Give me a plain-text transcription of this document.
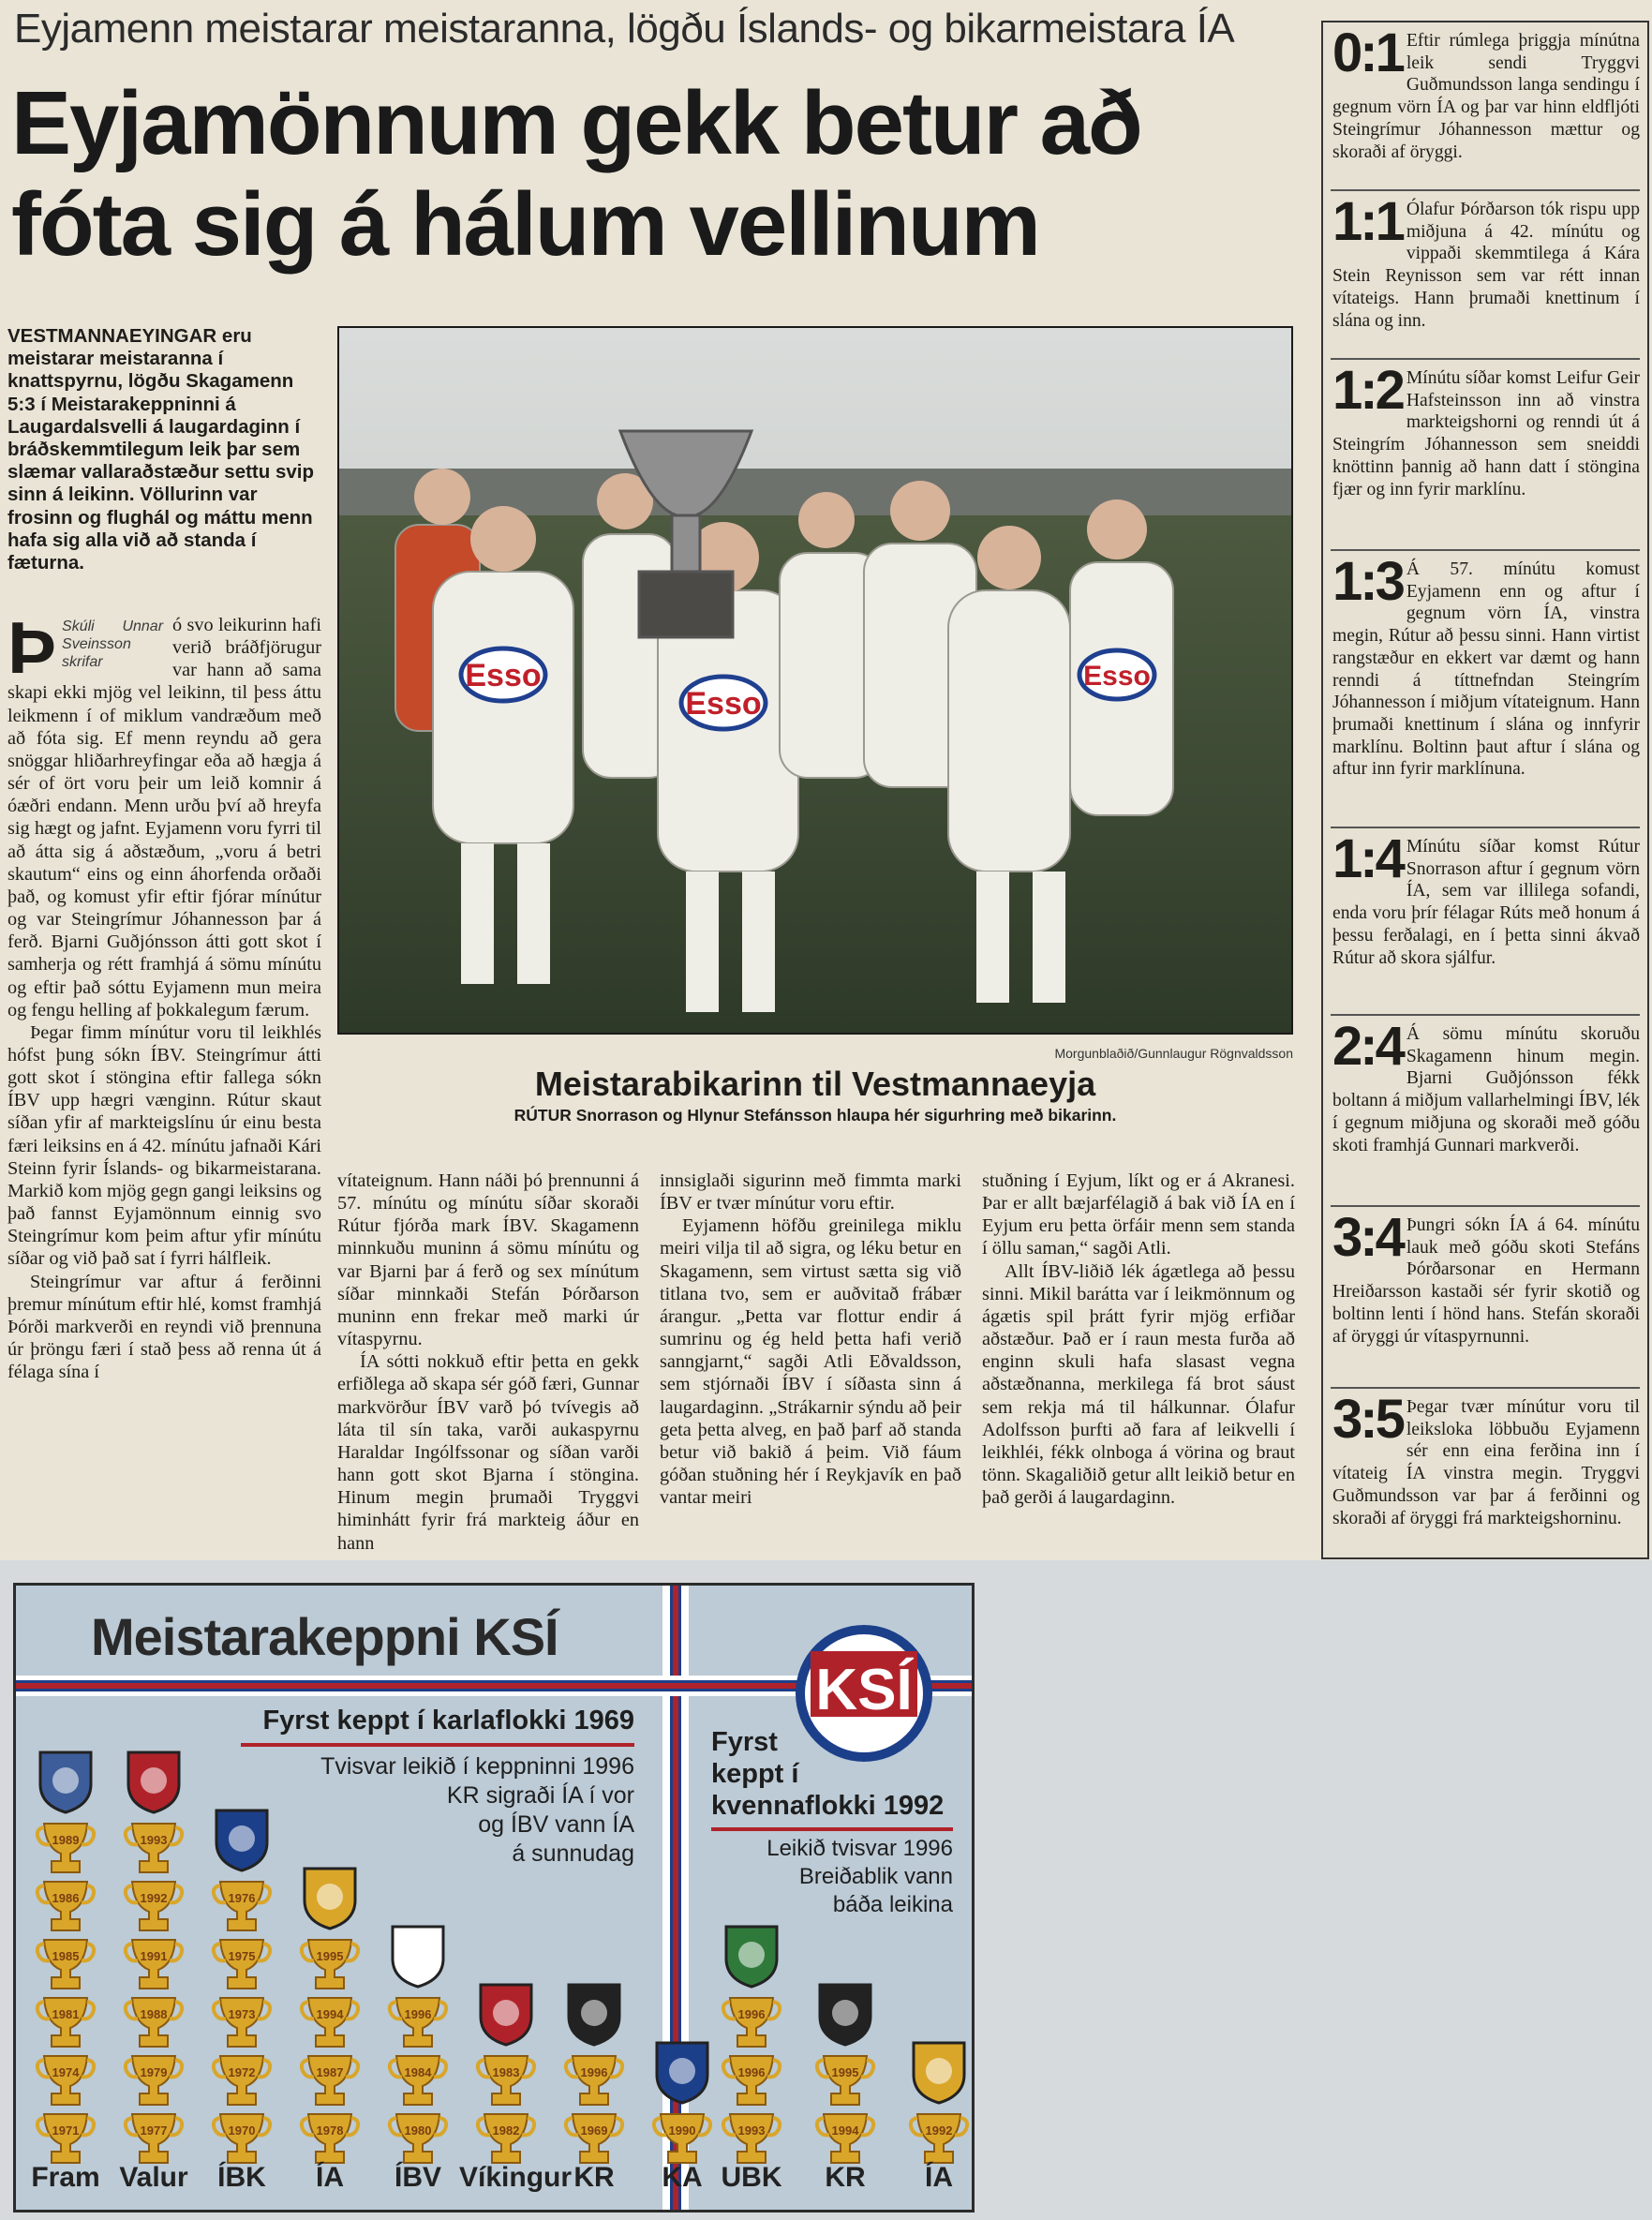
Eyjamenn meistarar meistaranna, lögðu Íslands- og bikarmeistara ÍA
Eyjamönnum gekk betur að fóta sig á hálum vellinum
VESTMANNAEYINGAR eru meistarar meistaranna í knattspyrnu, lögðu Skagamenn 5:3 í Meistarakeppninni á Laugardalsvelli á laugardaginn í bráðskemmtilegum leik þar sem slæmar vallaraðstæður settu svip sinn á leikinn. Völlurinn var frosinn og flughál og máttu menn hafa sig alla við að standa í fæturna.

Þ Skúli Unnar Sveinsson skrifar
ó svo leikurinn hafi verið bráðfjörugur var hann að sama skapi ekki mjög vel leikinn, til þess áttu leikmenn í of miklum vandræðum með að fóta sig. Ef menn reyndu að gera snöggar hliðarhreyfingar eða að hægja á sér of ört voru þeir um leið komnir á óæðri endann. Menn urðu því að hreyfa sig hægt og jafnt. Eyjamenn voru fyrri til að átta sig á aðstæðum, „voru á betri skautum“ eins og einn áhorfenda orðaði það, og komust yfir eftir fjórar mínútur og var Steingrímur Jóhannesson þar á ferð. Bjarni Guðjónsson átti gott skot í samherja og rétt framhjá á sömu mínútu og eftir það sóttu Eyjamenn mun meira og fengu helling af þokkalegum færum.

Þegar fimm mínútur voru til leikhlés hófst þung sókn ÍBV. Steingrímur átti gott skot í stöngina eftir fallega sókn ÍBV upp hægri vænginn. Rútur skaut síðan yfir af markteigslínu úr einu besta færi leiksins en á 42. mínútu jafnaði Kári Steinn fyrir Íslands- og bikarmeistarana. Markið kom mjög gegn gangi leiksins og það fannst Eyjamönnum einnig svo Steingrímur kom þeim aftur yfir mínútu síðar og við það sat í fyrri hálfleik.

Steingrímur var aftur á ferðinni þremur mínútum eftir hlé, komst framhjá Þórði markverði en reyndi við þrennuna úr þröngu færi í stað þess að renna út á félaga sína í

Esso
Esso
Esso
Morgunblaðið/Gunnlaugur Rögnvaldsson
Meistarabikarinn til Vestmannaeyja
RÚTUR Snorrason og Hlynur Stefánsson hlaupa hér sigurhring með bikarinn.

vítateignum. Hann náði þó þrennunni á 57. mínútu og mínútu síðar skoraði Rútur fjórða mark ÍBV. Skagamenn minnkuðu muninn á sömu mínútu og var Bjarni þar á ferð og sex mínútum síðar minnkaði Stefán Þórðarson muninn enn frekar með marki úr vítaspyrnu.

ÍA sótti nokkuð eftir þetta en gekk erfiðlega að skapa sér góð færi, Gunnar markvörður ÍBV varð þó tvívegis að láta til sín taka, varði aukaspyrnu Haraldar Ingólfssonar og síðan varði hann gott skot Bjarna í stöngina. Hinum megin þrumaði Tryggvi himinhátt fyrir frá markteig áður en hann

innsiglaði sigurinn með fimmta marki ÍBV er tvær mínútur voru eftir.

Eyjamenn höfðu greinilega miklu meiri vilja til að sigra, og léku betur en Skagamenn, sem virtust sætta sig við titlana tvo, sem er auðvitað frábær árangur. „Þetta var flottur endir á sumrinu og ég held þetta hafi verið sanngjarnt,“ sagði Atli Eðvaldsson, sem stjórnaði ÍBV í síðasta sinn á laugardaginn. „Strákarnir sýndu að þeir geta þetta alveg, en það þarf að standa betur við bakið á þeim. Við fáum góðan stuðning hér í Reykjavík en það vantar meiri

stuðning í Eyjum, líkt og er á Akranesi. Þar er allt bæjarfélagið á bak við ÍA en í Eyjum eru þetta örfáir menn sem standa í öllu saman,“ sagði Atli.

Allt ÍBV-liðið lék ágætlega að þessu sinni. Mikil barátta var í leikmönnum og ágætis spil þrátt fyrir mjög erfiðar aðstæður. Það er í raun mesta furða að enginn skuli hafa slasast vegna aðstæðnanna, merkilega fá brot sáust sem rekja má til hálkunnar. Ólafur Adolfsson þurfti að fara af leikvelli í leikhléi, fékk olnboga á vörina og braut tönn. Skagaliðið getur allt leikið betur en það gerði á laugardaginn.

0:1 Eftir rúmlega þriggja mínútna leik sendi Tryggvi Guðmundsson langa sendingu í gegnum vörn ÍA og þar var hinn eldfljóti Steingrímur Jóhannesson mættur og skoraði af öryggi.
1:1 Ólafur Þórðarson tók rispu upp miðjuna á 42. mínútu og vippaði skemmtilega á Kára Stein Reynisson sem var rétt innan vítateigs. Hann þrumaði knettinum í slána og inn.
1:2 Mínútu síðar komst Leifur Geir Hafsteinsson inn að vinstra markteigshorni og renndi út á Steingrím Jóhannesson sem sneiddi knöttinn þannig að hann datt í stöngina fjær og inn fyrir marklínu.
1:3 Á 57. mínútu komust Eyjamenn enn og aftur í gegnum vörn ÍA, vinstra megin, Rútur að þessu sinni. Hann virtist rangstæður en ekkert var dæmt og hann renndi á títtnefndan Steingrím Jóhannesson í miðjum vítateignum. Hann þrumaði knettinum í slána og innfyrir marklínu. Boltinn þaut aftur í slána og aftur inn fyrir marklínuna.
1:4 Mínútu síðar komst Rútur Snorrason aftur í gegnum vörn ÍA, sem var illilega sofandi, enda voru þrír félagar Rúts með honum á þessu ferðalagi, en í þetta sinni ákvað Rútur að skora sjálfur.
2:4 Á sömu mínútu skoruðu Skagamenn hinum megin. Bjarni Guðjónsson fékk boltann á miðjum vallarhelmingi ÍBV, lék í gegnum miðjuna og skoraði með góðu skoti framhjá Gunnari markverði.
3:4 Þungri sókn ÍA á 64. mínútu lauk með góðu skoti Stefáns Þórðarsonar en Hermann Hreiðarsson kastaði sér fyrir skotið og boltinn lenti í hönd hans. Stefán skoraði af öryggi úr vítaspyrnunni.
3:5 Þegar tvær mínútur voru til leiksloka löbbuðu Eyjamenn sér enn eina ferðina inn í vítateig ÍA vinstra megin. Tryggvi Guðmundsson var þar á ferðinni og skoraði af öryggi frá markteigshorninu.
Meistarakeppni KSÍ
KSÍ
Fyrst keppt í karlaflokki 1969
Tvisvar leikið í keppninni 1996
KR sigraði ÍA í vor
og ÍBV vann ÍA
á sunnudag
Fyrst
keppt í
kvennaflokki 1992
Leikið tvisvar 1996
Breiðablik vann
báða leikina
1971
1974
1981
1985
1986
1989
Fram
1977
1979
1988
1991
1992
1993
Valur
1970
1972
1973
1975
1976
ÍBK
1978
1987
1994
1995
ÍA
1980
1984
1996
ÍBV
1982
1983
Víkingur
1969
1996
KR
1990
KA
1993
1996
1996
UBK
1994
1995
KR
1992
ÍA
